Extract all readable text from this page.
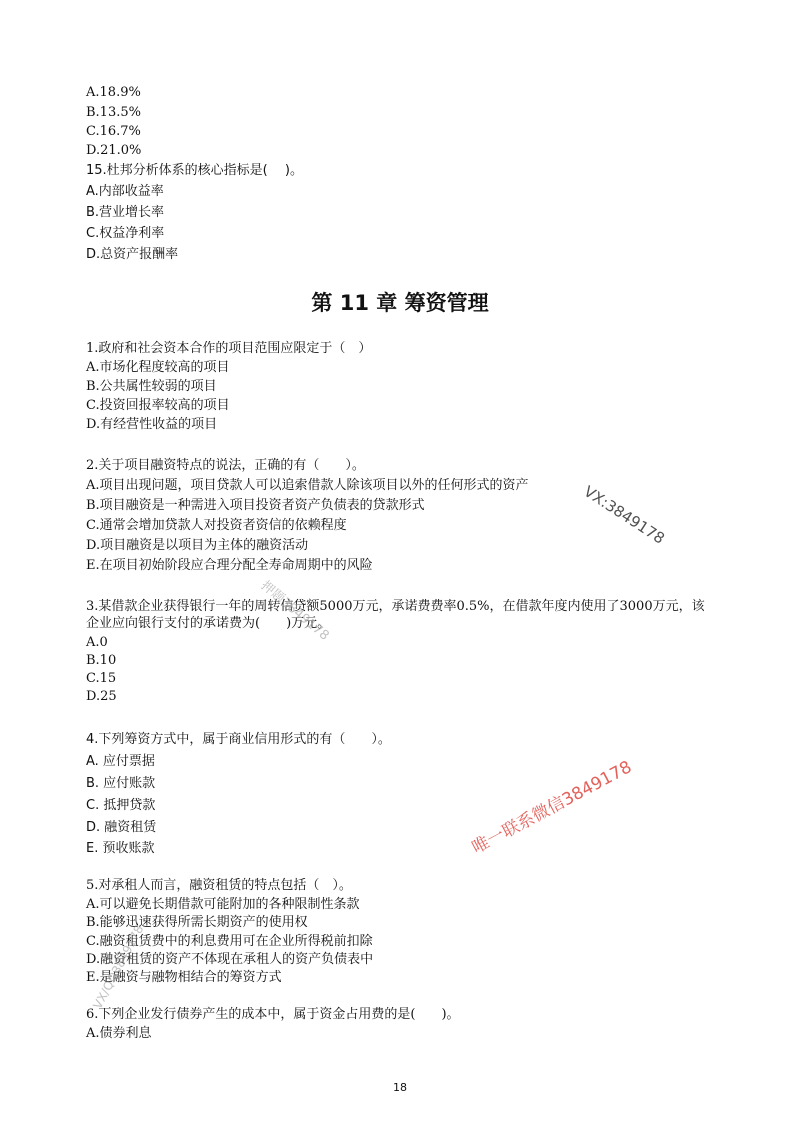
A.18.9%
B.13.5%
C.16.7%
D.21.0%
15.杜邦分析体系的核心指标是(　 )。
A.内部收益率
B.营业增长率
C.权益净利率
D.总资产报酬率
第 11 章 筹资管理
1.政府和社会资本合作的项目范围应限定于（　）
A.市场化程度较高的项目
B.公共属性较弱的项目
C.投资回报率较高的项目
D.有经营性收益的项目
2.关于项目融资特点的说法，正确的有（　　）。
A.项目出现问题，项目贷款人可以追索借款人除该项目以外的任何形式的资产
B.项目融资是一种需进入项目投资者资产负债表的贷款形式
C.通常会增加贷款人对投资者资信的依赖程度
D.项目融资是以项目为主体的融资活动
E.在项目初始阶段应合理分配全寿命周期中的风险
3.某借款企业获得银行一年的周转信贷额5000万元，承诺费费率0.5%，在借款年度内使用了3000万元，该
企业应向银行支付的承诺费为(　　)万元。
A.0
B.10
C.15
D.25
4.下列筹资方式中，属于商业信用形式的有（　　）。
A. 应付票据
B. 应付账款
C. 抵押贷款
D. 融资租赁
E. 预收账款
5.对承租人而言，融资租赁的特点包括（　）。
A.可以避免长期借款可能附加的各种限制性条款
B.能够迅速获得所需长期资产的使用权
C.融资租赁费中的利息费用可在企业所得税前扣除
D.融资租赁的资产不体现在承租人的资产负债表中
E.是融资与融物相结合的筹资方式
6.下列企业发行债券产生的成本中，属于资金占用费的是(　　)。
A.债券利息
18
VX:3849178
唯一联系微信3849178
押题3849178
VX/QQ3849178
